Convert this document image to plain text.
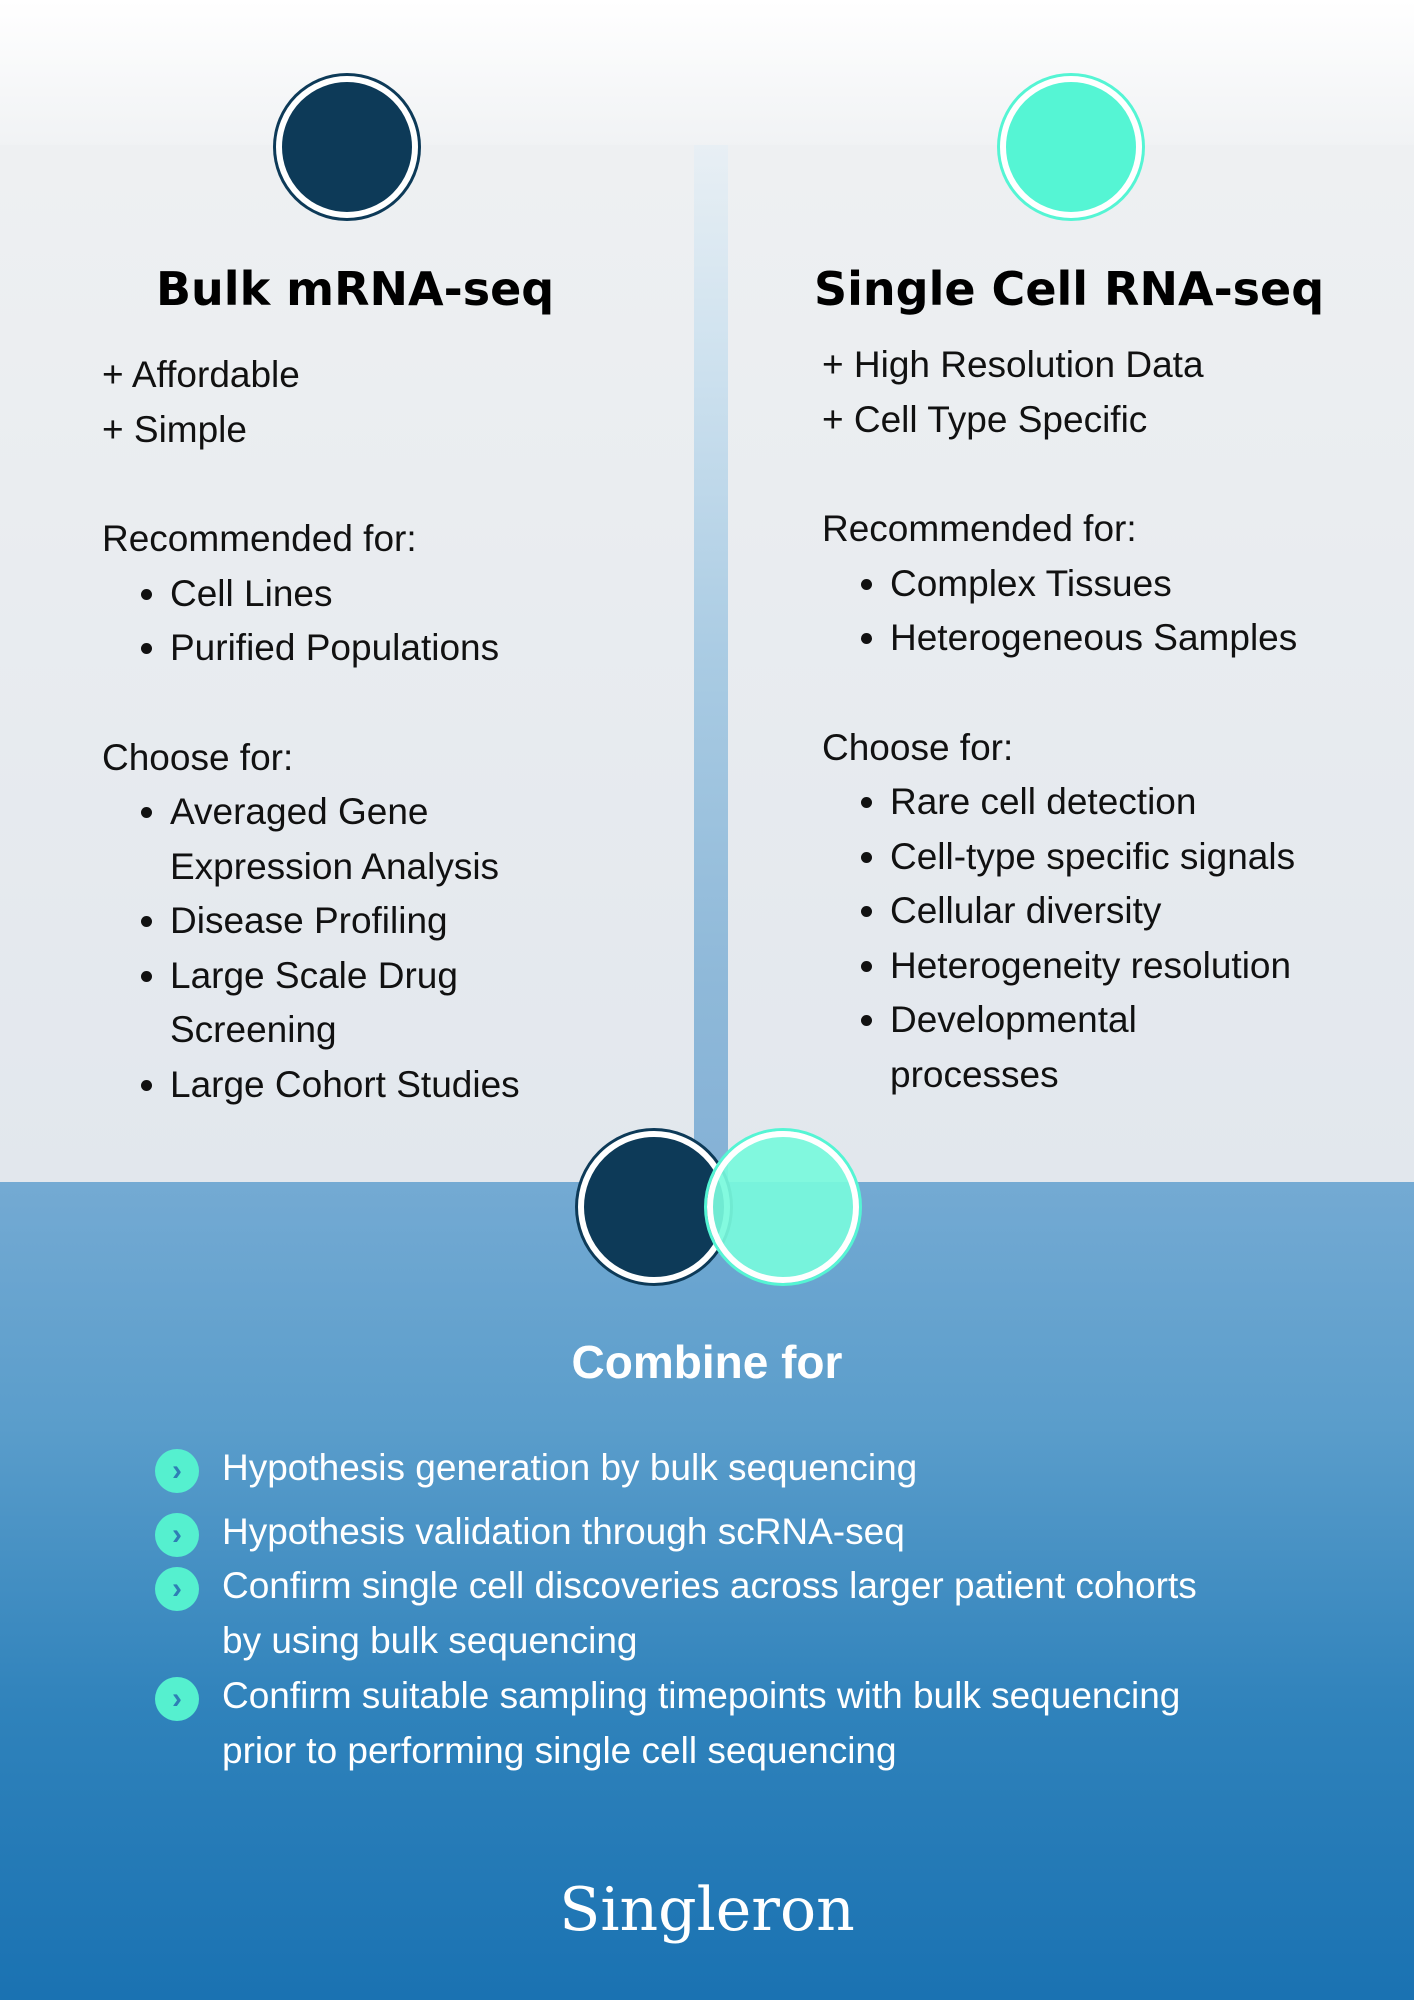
Bulk mRNA-seq	Single Cell RNA-seq

+ Affordable

+ Simple

Recommended for:

• Cell Lines
• Purified Populations

Choose for:

• Averaged Gene Expression Analysis
• Disease Profiling
• Large Scale Drug Screening
• Large Cohort Studies

+ High Resolution Data

+ Cell Type Specific

Recommended for:

• Complex Tissues
• Heterogeneous Samples

Choose for:

• Rare cell detection
• Cell-type specific signals
• Cellular diversity
• Heterogeneity resolution
• Developmental processes
Combine for
›	Hypothesis generation by bulk sequencing
›	Hypothesis validation through scRNA-seq
›	Confirm single cell discoveries across larger patient cohorts by using bulk sequencing
›	Confirm suitable sampling timepoints with bulk sequencing prior to performing single cell sequencing
Singleron
